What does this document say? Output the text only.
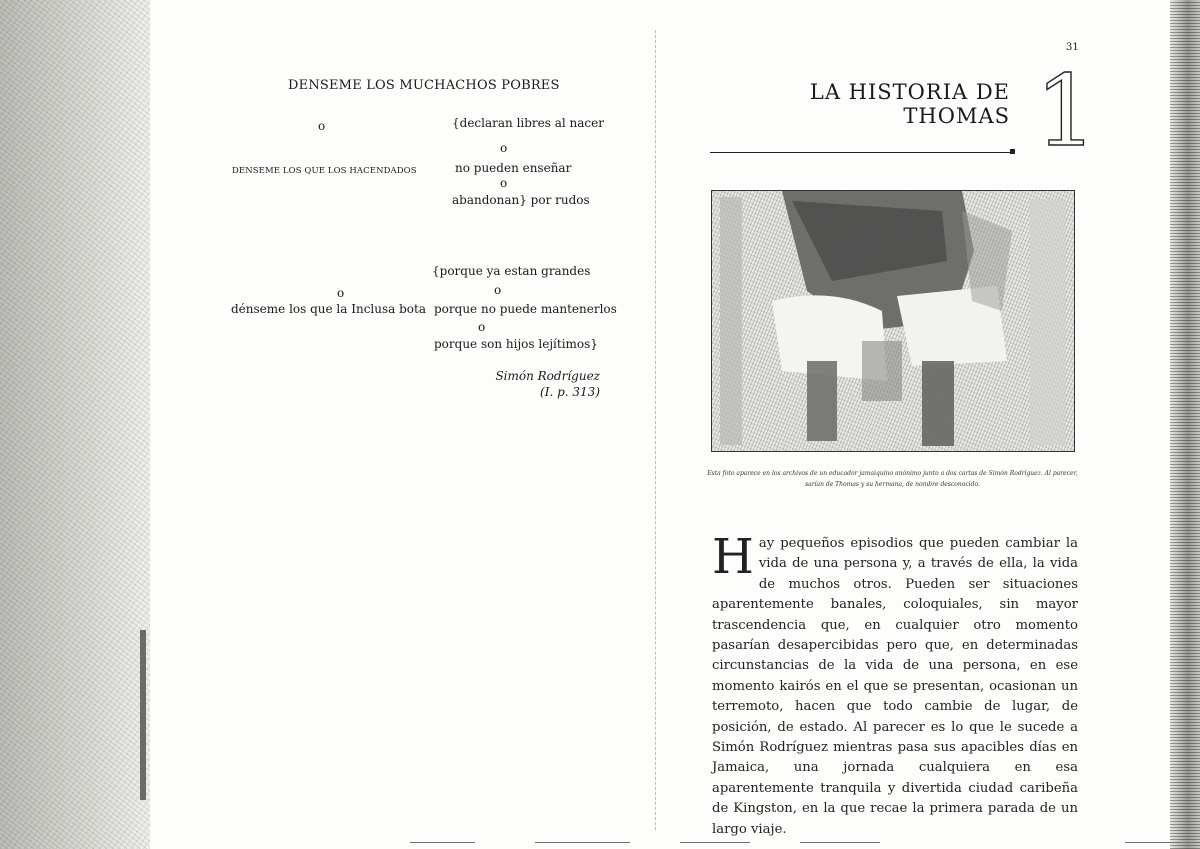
DENSEME LOS MUCHACHOS POBRES

o	{declaran libres al nacer

o

DENSEME LOS QUE LOS HACENDADOS	no pueden enseñar

o

abandonan} por rudos

{porque ya estan grandes

o	o

dénseme los que la Inclusa bota porque no puede mantenerlos

o

porque son hijos lejítimos}

Simón Rodríguez
(I. p. 313)
31
LA HISTORIA DE
THOMAS 1

Esta foto aparece en los archivos de un educador jamaiquino anónimo junto a dos cartas de Simón Rodríguez. Al parecer, sarían de Thomas y su hermana, de nombre desconocido.

Hay pequeños episodios que pueden cambiar la vida de una persona y, a través de ella, la vida de muchos otros. Pueden ser situaciones aparentemente banales, coloquiales, sin mayor trascendencia que, en cualquier otro momento pasarían desapercibidas pero que, en determinadas circunstancias de la vida de una persona, en ese momento kairós en el que se presentan, ocasionan un terremoto, hacen que todo cambie de lugar, de posición, de estado. Al parecer es lo que le sucede a Simón Rodríguez mientras pasa sus apacibles días en Jamaica, una jornada cualquiera en esa aparentemente tranquila y divertida ciudad caribeña de Kingston, en la que recae la primera parada de un largo viaje.
